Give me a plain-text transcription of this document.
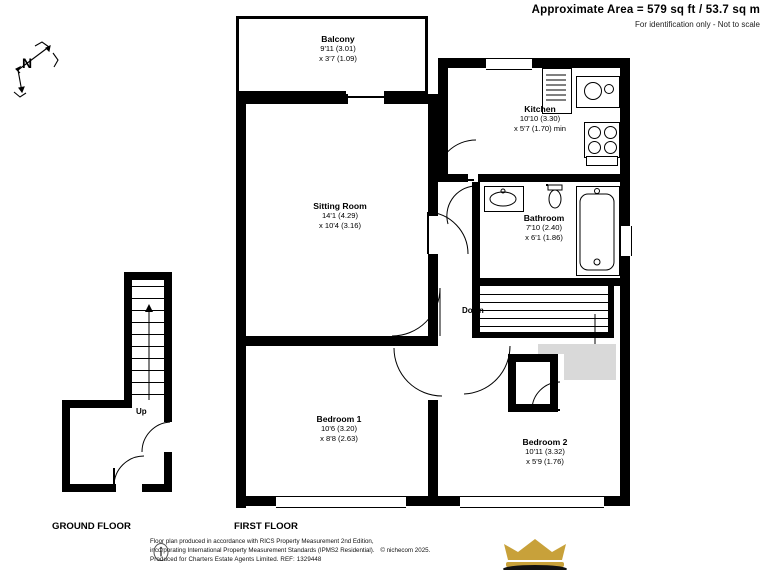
Approximate Area = 579 sq ft / 53.7 sq m
For identification only - Not to scale
N
Up
GROUND FLOOR
Down
FIRST FLOOR
Balcony
9'11 (3.01)
x 3'7 (1.09)
Sitting Room
14'1 (4.29)
x 10'4 (3.16)
Kitchen
10'10 (3.30)
x 5'7 (1.70) min
Bathroom
7'10 (2.40)
x 6'1 (1.86)
Bedroom 1
10'6 (3.20)
x 8'8 (2.63)	Bedroom 2
10'11 (3.32)
x 5'9 (1.76)
Floor plan produced in accordance with RICS Property Measurement 2nd Edition,
incorporating International Property Measurement Standards (IPMS2 Residential). © nichecom 2025.
Produced for Charters Estate Agents Limited. REF: 1329448
